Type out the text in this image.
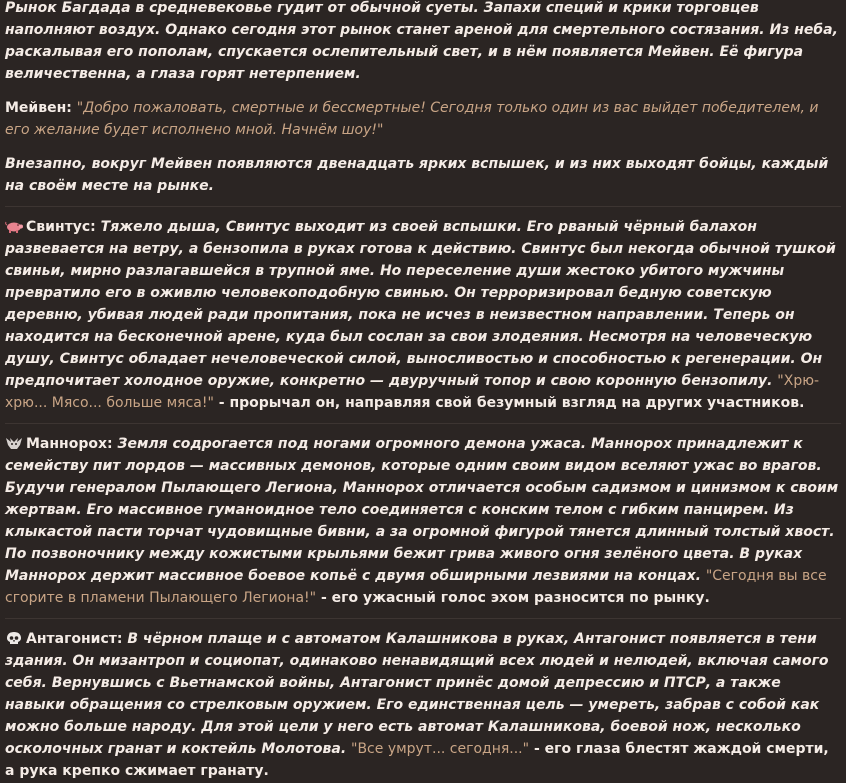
Рынок Багдада в средневековье гудит от обычной суеты. Запахи специй и крики торговцев наполняют воздух. Однако сегодня этот рынок станет ареной для смертельного состязания. Из неба, раскалывая его пополам, спускается ослепительный свет, и в нём появляется Мейвен. Её фигура величественна, а глаза горят нетерпением.

Мейвен: "Добро пожаловать, смертные и бессмертные! Сегодня только один из вас выйдет победителем, и его желание будет исполнено мной. Начнём шоу!"

Внезапно, вокруг Мейвен появляются двенадцать ярких вспышек, и из них выходят бойцы, каждый на своём месте на рынке.

Свинтус: Тяжело дыша, Свинтус выходит из своей вспышки. Его рваный чёрный балахон развевается на ветру, а бензопила в руках готова к действию. Свинтус был некогда обычной тушкой свиньи, мирно разлагавшейся в трупной яме. Но переселение души жестоко убитого мужчины превратило его в оживлю человекоподобную свинью. Он терроризировал бедную советскую деревню, убивая людей ради пропитания, пока не исчез в неизвестном направлении. Теперь он находится на бесконечной арене, куда был сослан за свои злодеяния. Несмотря на человеческую душу, Свинтус обладает нечеловеческой силой, выносливостью и способностью к регенерации. Он предпочитает холодное оружие, конкретно — двуручный топор и свою коронную бензопилу. "Хрю-хрю... Мясо... больше мяса!" - прорычал он, направляя свой безумный взгляд на других участников.

Маннорох: Земля содрогается под ногами огромного демона ужаса. Маннорох принадлежит к семейству пит лордов — массивных демонов, которые одним своим видом вселяют ужас во врагов. Будучи генералом Пылающего Легиона, Маннорох отличается особым садизмом и цинизмом к своим жертвам. Его массивное гуманоидное тело соединяется с конским телом с гибким панцирем. Из клыкастой пасти торчат чудовищные бивни, а за огромной фигурой тянется длинный толстый хвост. По позвоночнику между кожистыми крыльями бежит грива живого огня зелёного цвета. В руках Маннорох держит массивное боевое копьё с двумя обширными лезвиями на концах. "Сегодня вы все сгорите в пламени Пылающего Легиона!" - его ужасный голос эхом разносится по рынку.

Антагонист: В чёрном плаще и с автоматом Калашникова в руках, Антагонист появляется в тени здания. Он мизантроп и социопат, одинаково ненавидящий всех людей и нелюдей, включая самого себя. Вернувшись с Вьетнамской войны, Антагонист принёс домой депрессию и ПТСР, а также навыки обращения со стрелковым оружием. Его единственная цель — умереть, забрав с собой как можно больше народу. Для этой цели у него есть автомат Калашникова, боевой нож, несколько осколочных гранат и коктейль Молотова. "Все умрут... сегодня..." - его глаза блестят жаждой смерти, а рука крепко сжимает гранату.
